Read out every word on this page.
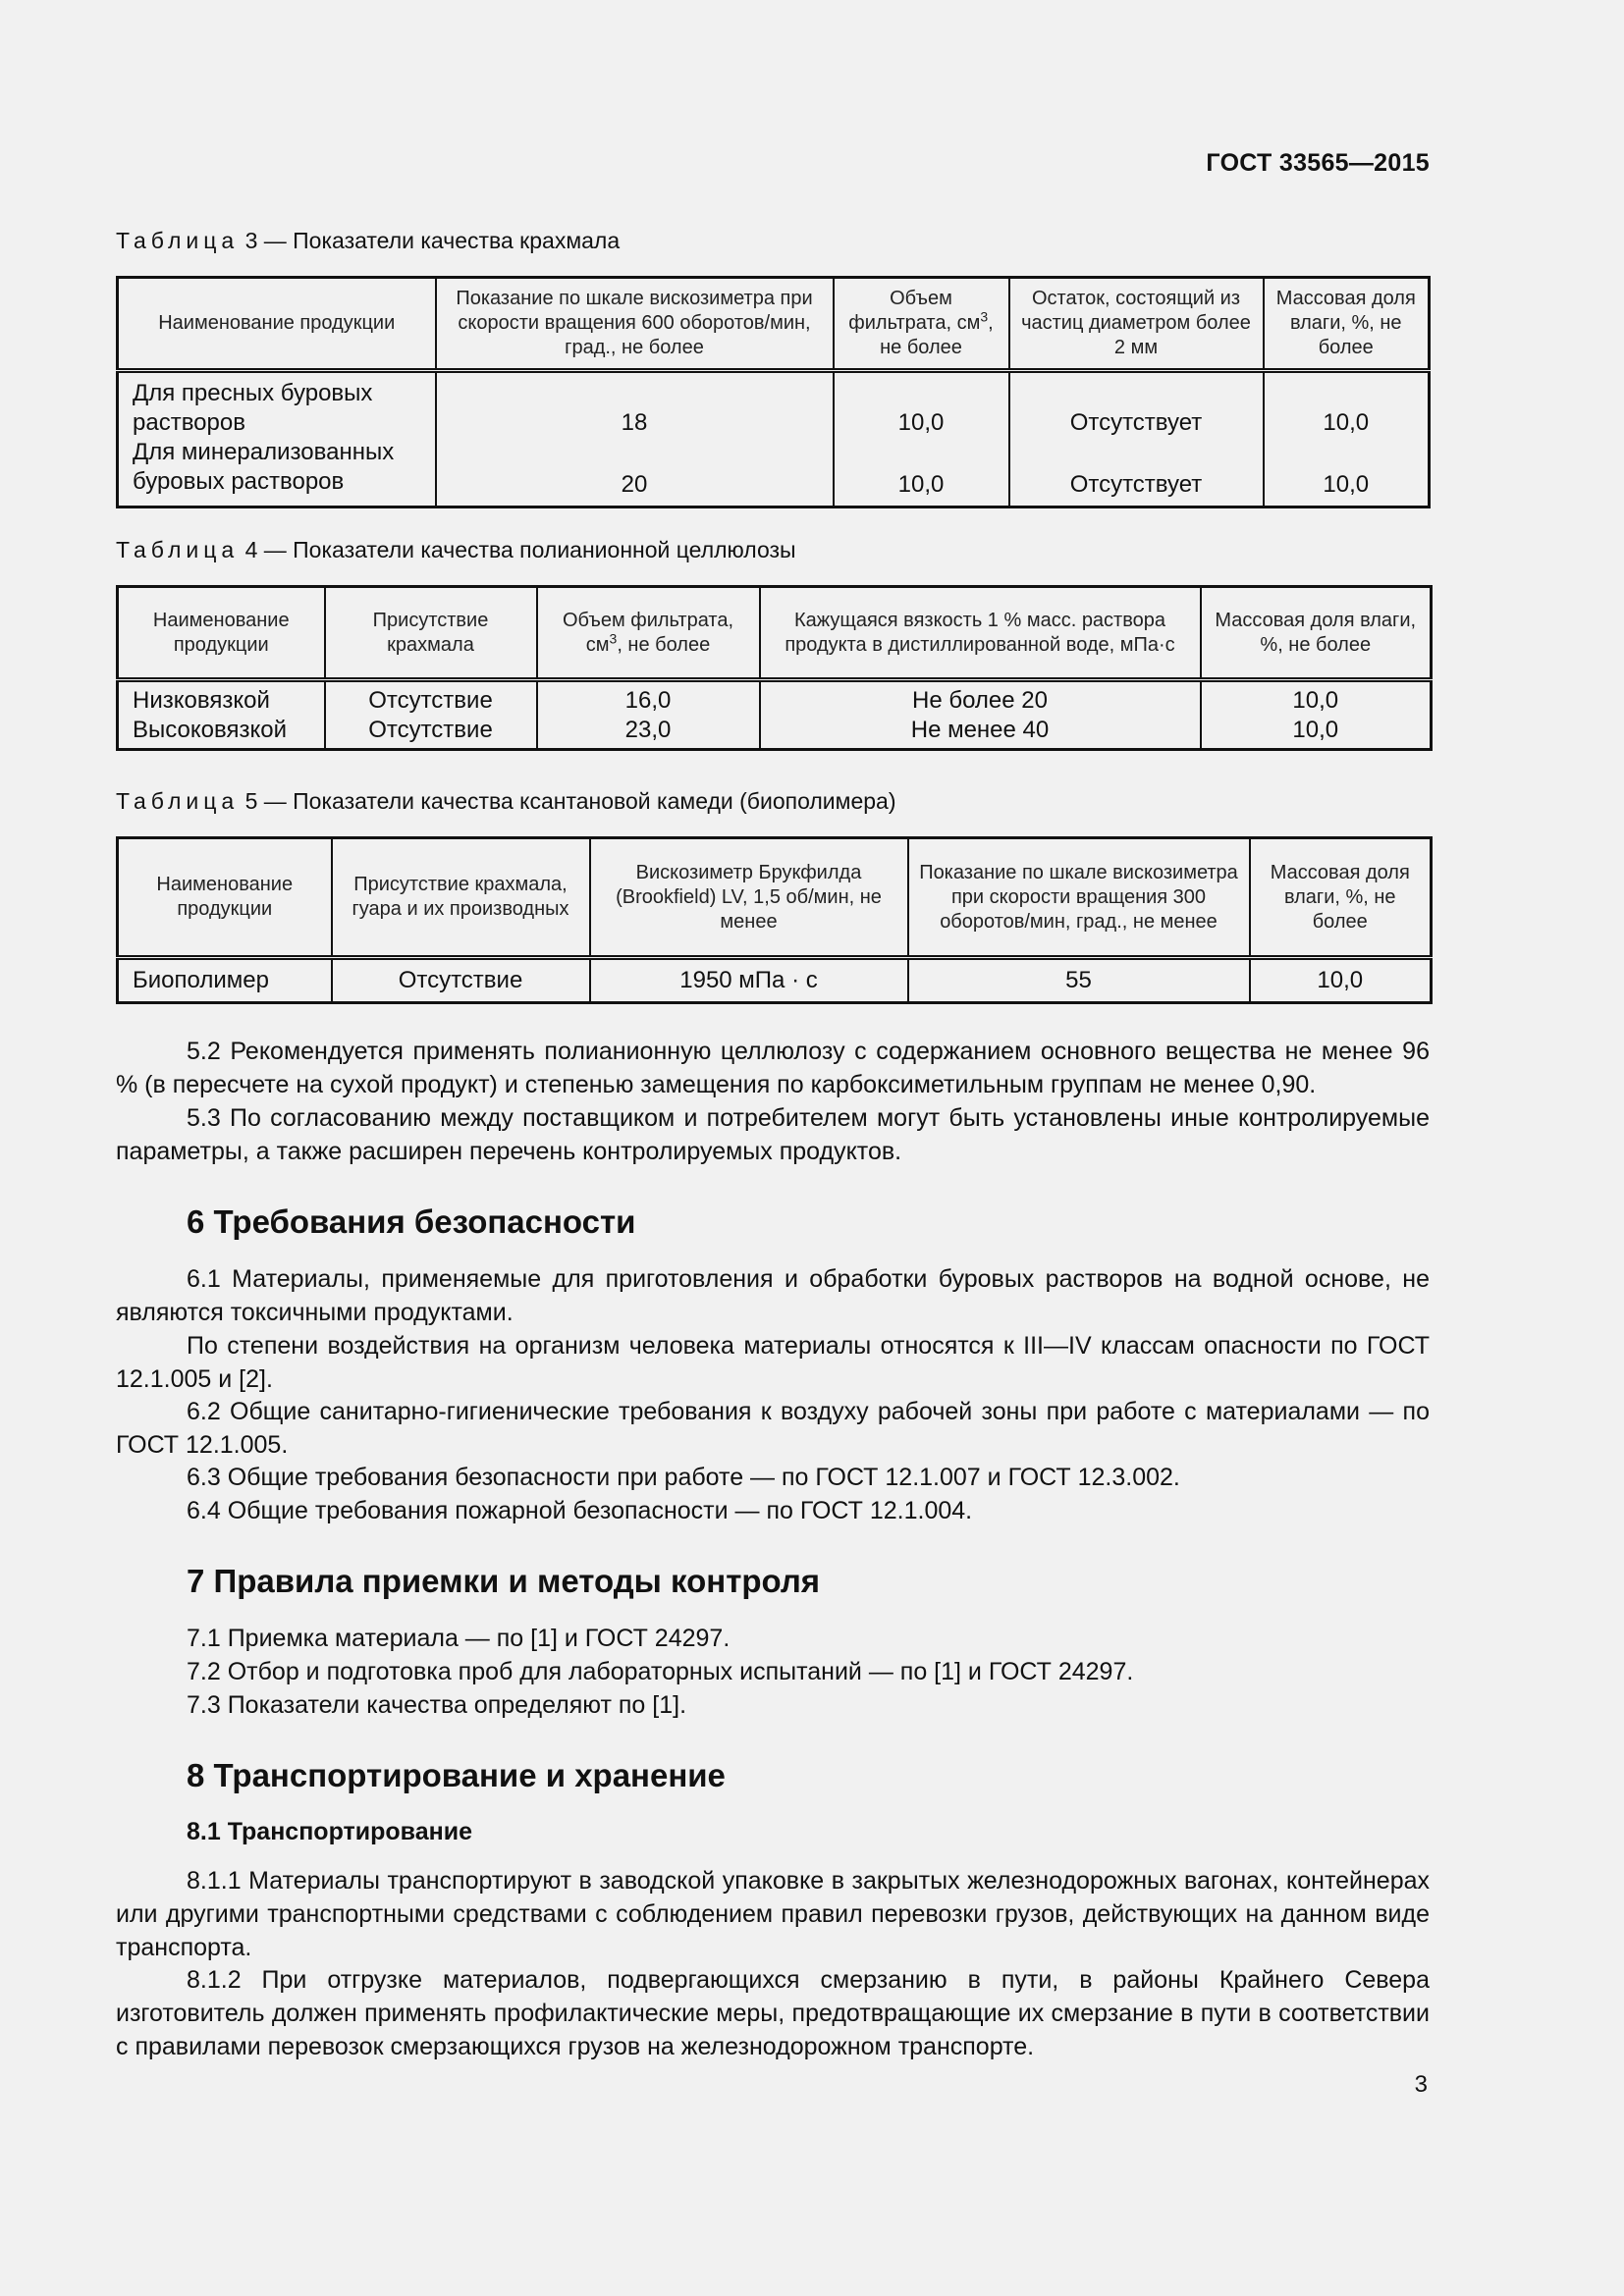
ГОСТ 33565—2015
Таблица 3 — Показатели качества крахмала
Наименование продукции	Показание по шкале вискозиметра при скорости вращения 600 оборотов/мин, град., не более	Объем фильтрата, $см^3$, не более	Остаток, состоящий из частиц диаметром более 2 мм	Массовая доля влаги, %, не более
Для пресных буровых растворов	18	10,0	Отсутствует	10,0
Для минерализованных буровых растворов	20	10,0	Отсутствует	10,0
Таблица 4 — Показатели качества полианионной целлюлозы
Наименование продукции	Присутствие крахмала	Объем фильтрата, $см^3$, не более	Кажущаяся вязкость 1 % масс. раствора продукта в дистиллированной воде, мПа·с	Массовая доля влаги, %, не более
Низковязкой	Отсутствие	16,0	Не более 20	10,0
Высоковязкой	Отсутствие	23,0	Не менее 40	10,0
Таблица 5 — Показатели качества ксантановой камеди (биополимера)
Наименование продукции	Присутствие крахмала, гуара и их производных	Вискозиметр Брукфилда (Brookfield) LV, 1,5 об/мин, не менее	Показание по шкале вискозиметра при скорости вращения 300 оборотов/мин, град., не менее	Массовая доля влаги, %, не более
Биополимер	Отсутствие	1950 мПа · с	55	10,0

5.2 Рекомендуется применять полианионную целлюлозу с содержанием основного вещества не менее 96 % (в пересчете на сухой продукт) и степенью замещения по карбоксиметильным группам не менее 0,90.

5.3 По согласованию между поставщиком и потребителем могут быть установлены иные контролируемые параметры, а также расширен перечень контролируемых продуктов.

6 Требования безопасности

6.1 Материалы, применяемые для приготовления и обработки буровых растворов на водной основе, не являются токсичными продуктами.

По степени воздействия на организм человека материалы относятся к III—IV классам опасности по ГОСТ 12.1.005 и [2].

6.2 Общие санитарно-гигиенические требования к воздуху рабочей зоны при работе с материалами — по ГОСТ 12.1.005.

6.3 Общие требования безопасности при работе — по ГОСТ 12.1.007 и ГОСТ 12.3.002.

6.4 Общие требования пожарной безопасности — по ГОСТ 12.1.004.

7 Правила приемки и методы контроля

7.1 Приемка материала — по [1] и ГОСТ 24297.

7.2 Отбор и подготовка проб для лабораторных испытаний — по [1] и ГОСТ 24297.

7.3 Показатели качества определяют по [1].

8 Транспортирование и хранение
8.1 Транспортирование

8.1.1 Материалы транспортируют в заводской упаковке в закрытых железнодорожных вагонах, контейнерах или другими транспортными средствами с соблюдением правил перевозки грузов, действующих на данном виде транспорта.

8.1.2 При отгрузке материалов, подвергающихся смерзанию в пути, в районы Крайнего Севера изготовитель должен применять профилактические меры, предотвращающие их смерзание в пути в соответствии с правилами перевозок смерзающихся грузов на железнодорожном транспорте.

3
